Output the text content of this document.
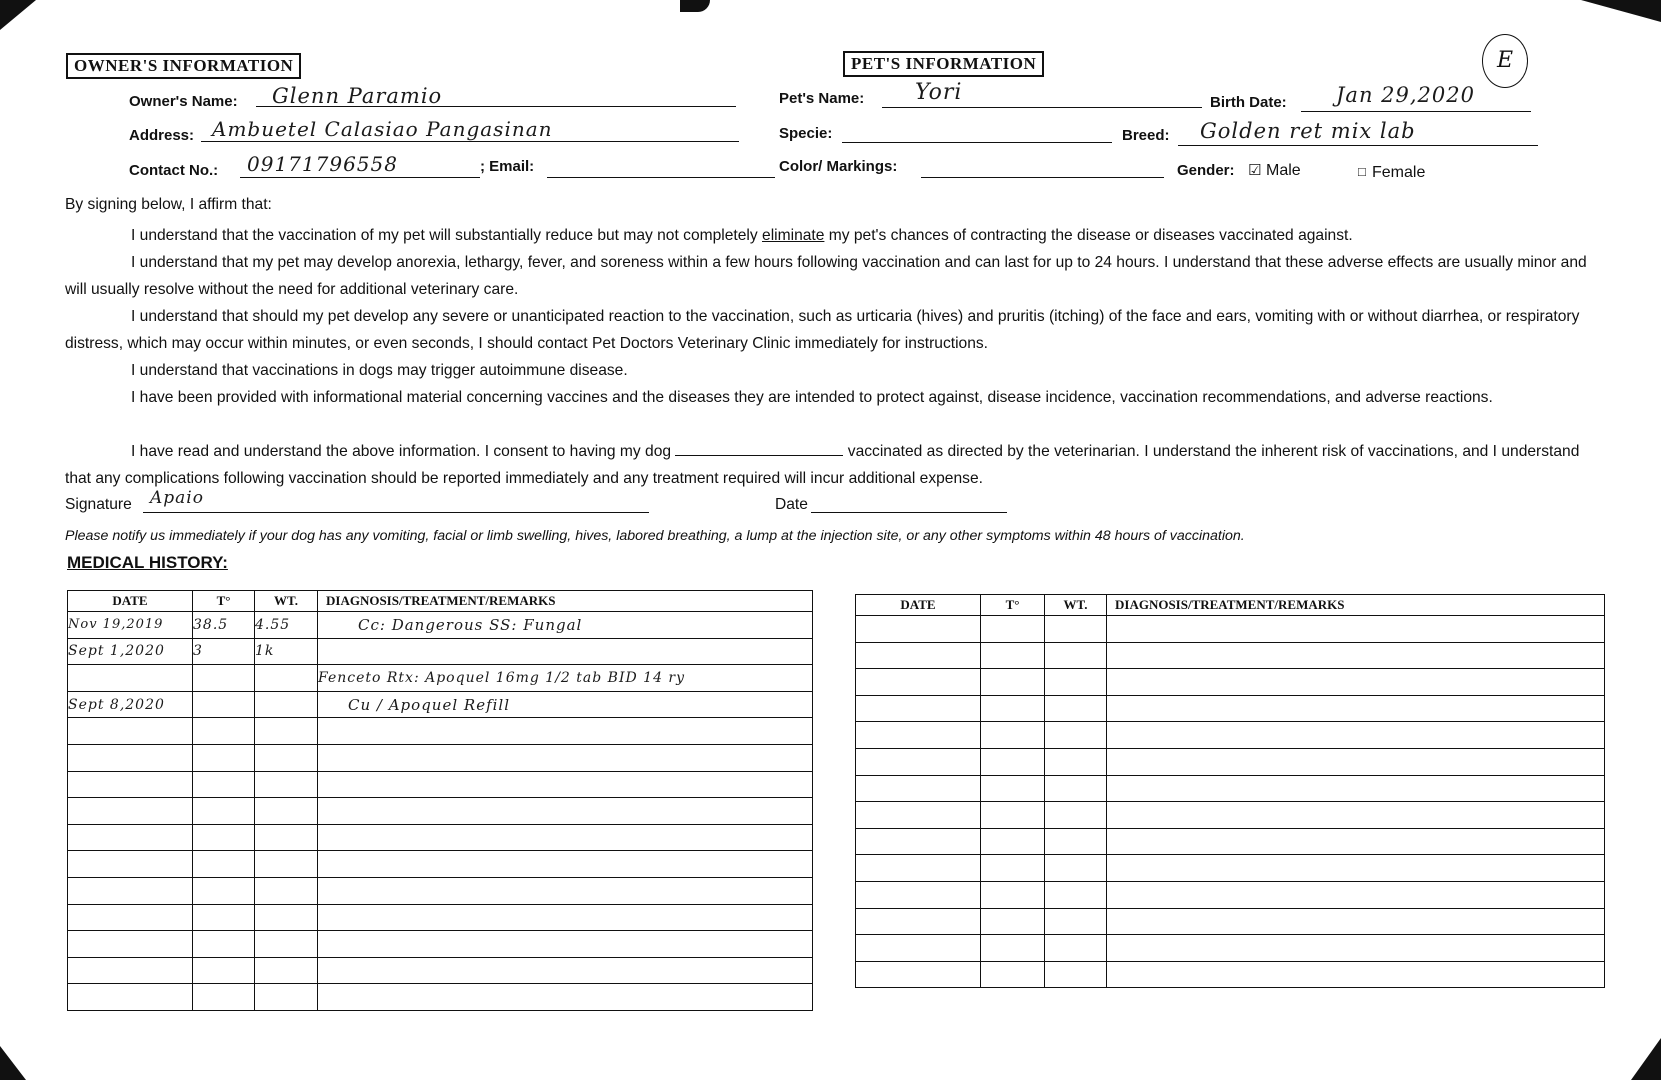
OWNER'S INFORMATION	PET'S INFORMATION	E
Owner's Name: Glenn Paramio
Address: Ambuetel Calasiao Pangasinan
Contact No.: 09171796558	; Email:
Pet's Name: Yori	Birth Date: Jan 29,2020
Specie:	Breed: Golden ret mix lab
Color/ Markings:	Gender: ☑ Male	□ Female
By signing below, I affirm that:
I understand that the vaccination of my pet will substantially reduce but may not completely eliminate my pet's chances of contracting the disease or diseases vaccinated against.
I understand that my pet may develop anorexia, lethargy, fever, and soreness within a few hours following vaccination and can last for up to 24 hours. I understand that these adverse effects are usually minor and will usually resolve without the need for additional veterinary care.
I understand that should my pet develop any severe or unanticipated reaction to the vaccination, such as urticaria (hives) and pruritis (itching) of the face and ears, vomiting with or without diarrhea, or respiratory distress, which may occur within minutes, or even seconds, I should contact Pet Doctors Veterinary Clinic immediately for instructions.
I understand that vaccinations in dogs may trigger autoimmune disease.
I have been provided with informational material concerning vaccines and the diseases they are intended to protect against, disease incidence, vaccination recommendations, and adverse reactions.
I have read and understand the above information. I consent to having my dog	vaccinated as directed by the veterinarian. I understand the inherent risk of vaccinations, and I understand that any complications following vaccination should be reported immediately and any treatment required will incur additional expense.
Signature Apaio	Date
Please notify us immediately if your dog has any vomiting, facial or limb swelling, hives, labored breathing, a lump at the injection site, or any other symptoms within 48 hours of vaccination.
MEDICAL HISTORY:
DATE	T°	WT.	DIAGNOSIS/TREATMENT/REMARKS
Nov 19,2019	38.5	4.55	Cc: Dangerous SS: Fungal
Sept 1,2020	3	1k	
			Fenceto Rtx: Apoquel 16mg 1/2 tab BID 14 ry
Sept 8,2020			Cu / Apoquel Refill

DATE	T°	WT.	DIAGNOSIS/TREATMENT/REMARKS
